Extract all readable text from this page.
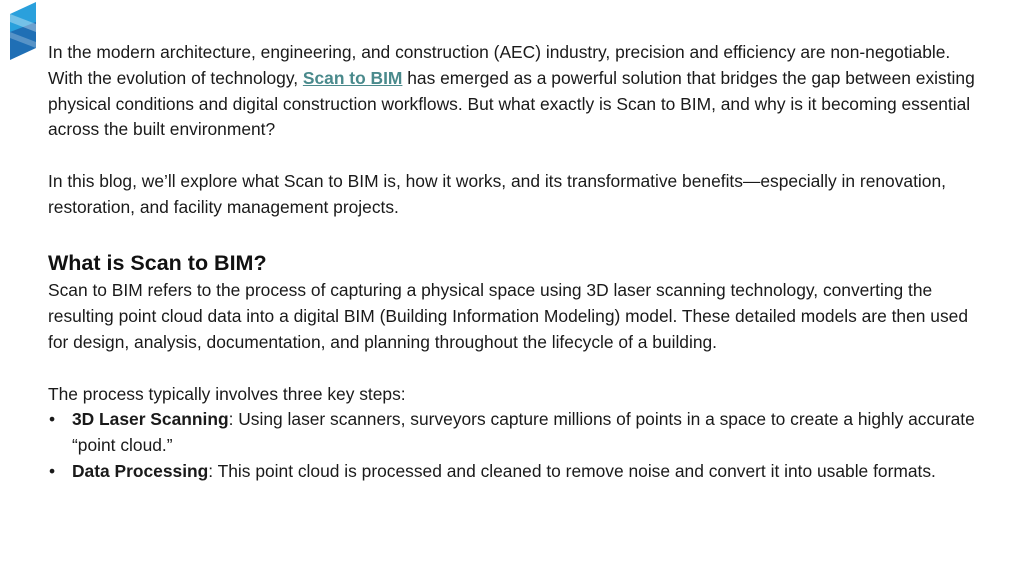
In the modern architecture, engineering, and construction (AEC) industry, precision and efficiency are non-negotiable. With the evolution of technology, Scan to BIM has emerged as a powerful solution that bridges the gap between existing physical conditions and digital construction workflows. But what exactly is Scan to BIM, and why is it becoming essential across the built environment?

In this blog, we’ll explore what Scan to BIM is, how it works, and its transformative benefits—especially in renovation, restoration, and facility management projects.

What is Scan to BIM?

Scan to BIM refers to the process of capturing a physical space using 3D laser scanning technology, converting the resulting point cloud data into a digital BIM (Building Information Modeling) model. These detailed models are then used for design, analysis, documentation, and planning throughout the lifecycle of a building.

The process typically involves three key steps:

• 3D Laser Scanning: Using laser scanners, surveyors capture millions of points in a space to create a highly accurate “point cloud.”
• Data Processing: This point cloud is processed and cleaned to remove noise and convert it into usable formats.
